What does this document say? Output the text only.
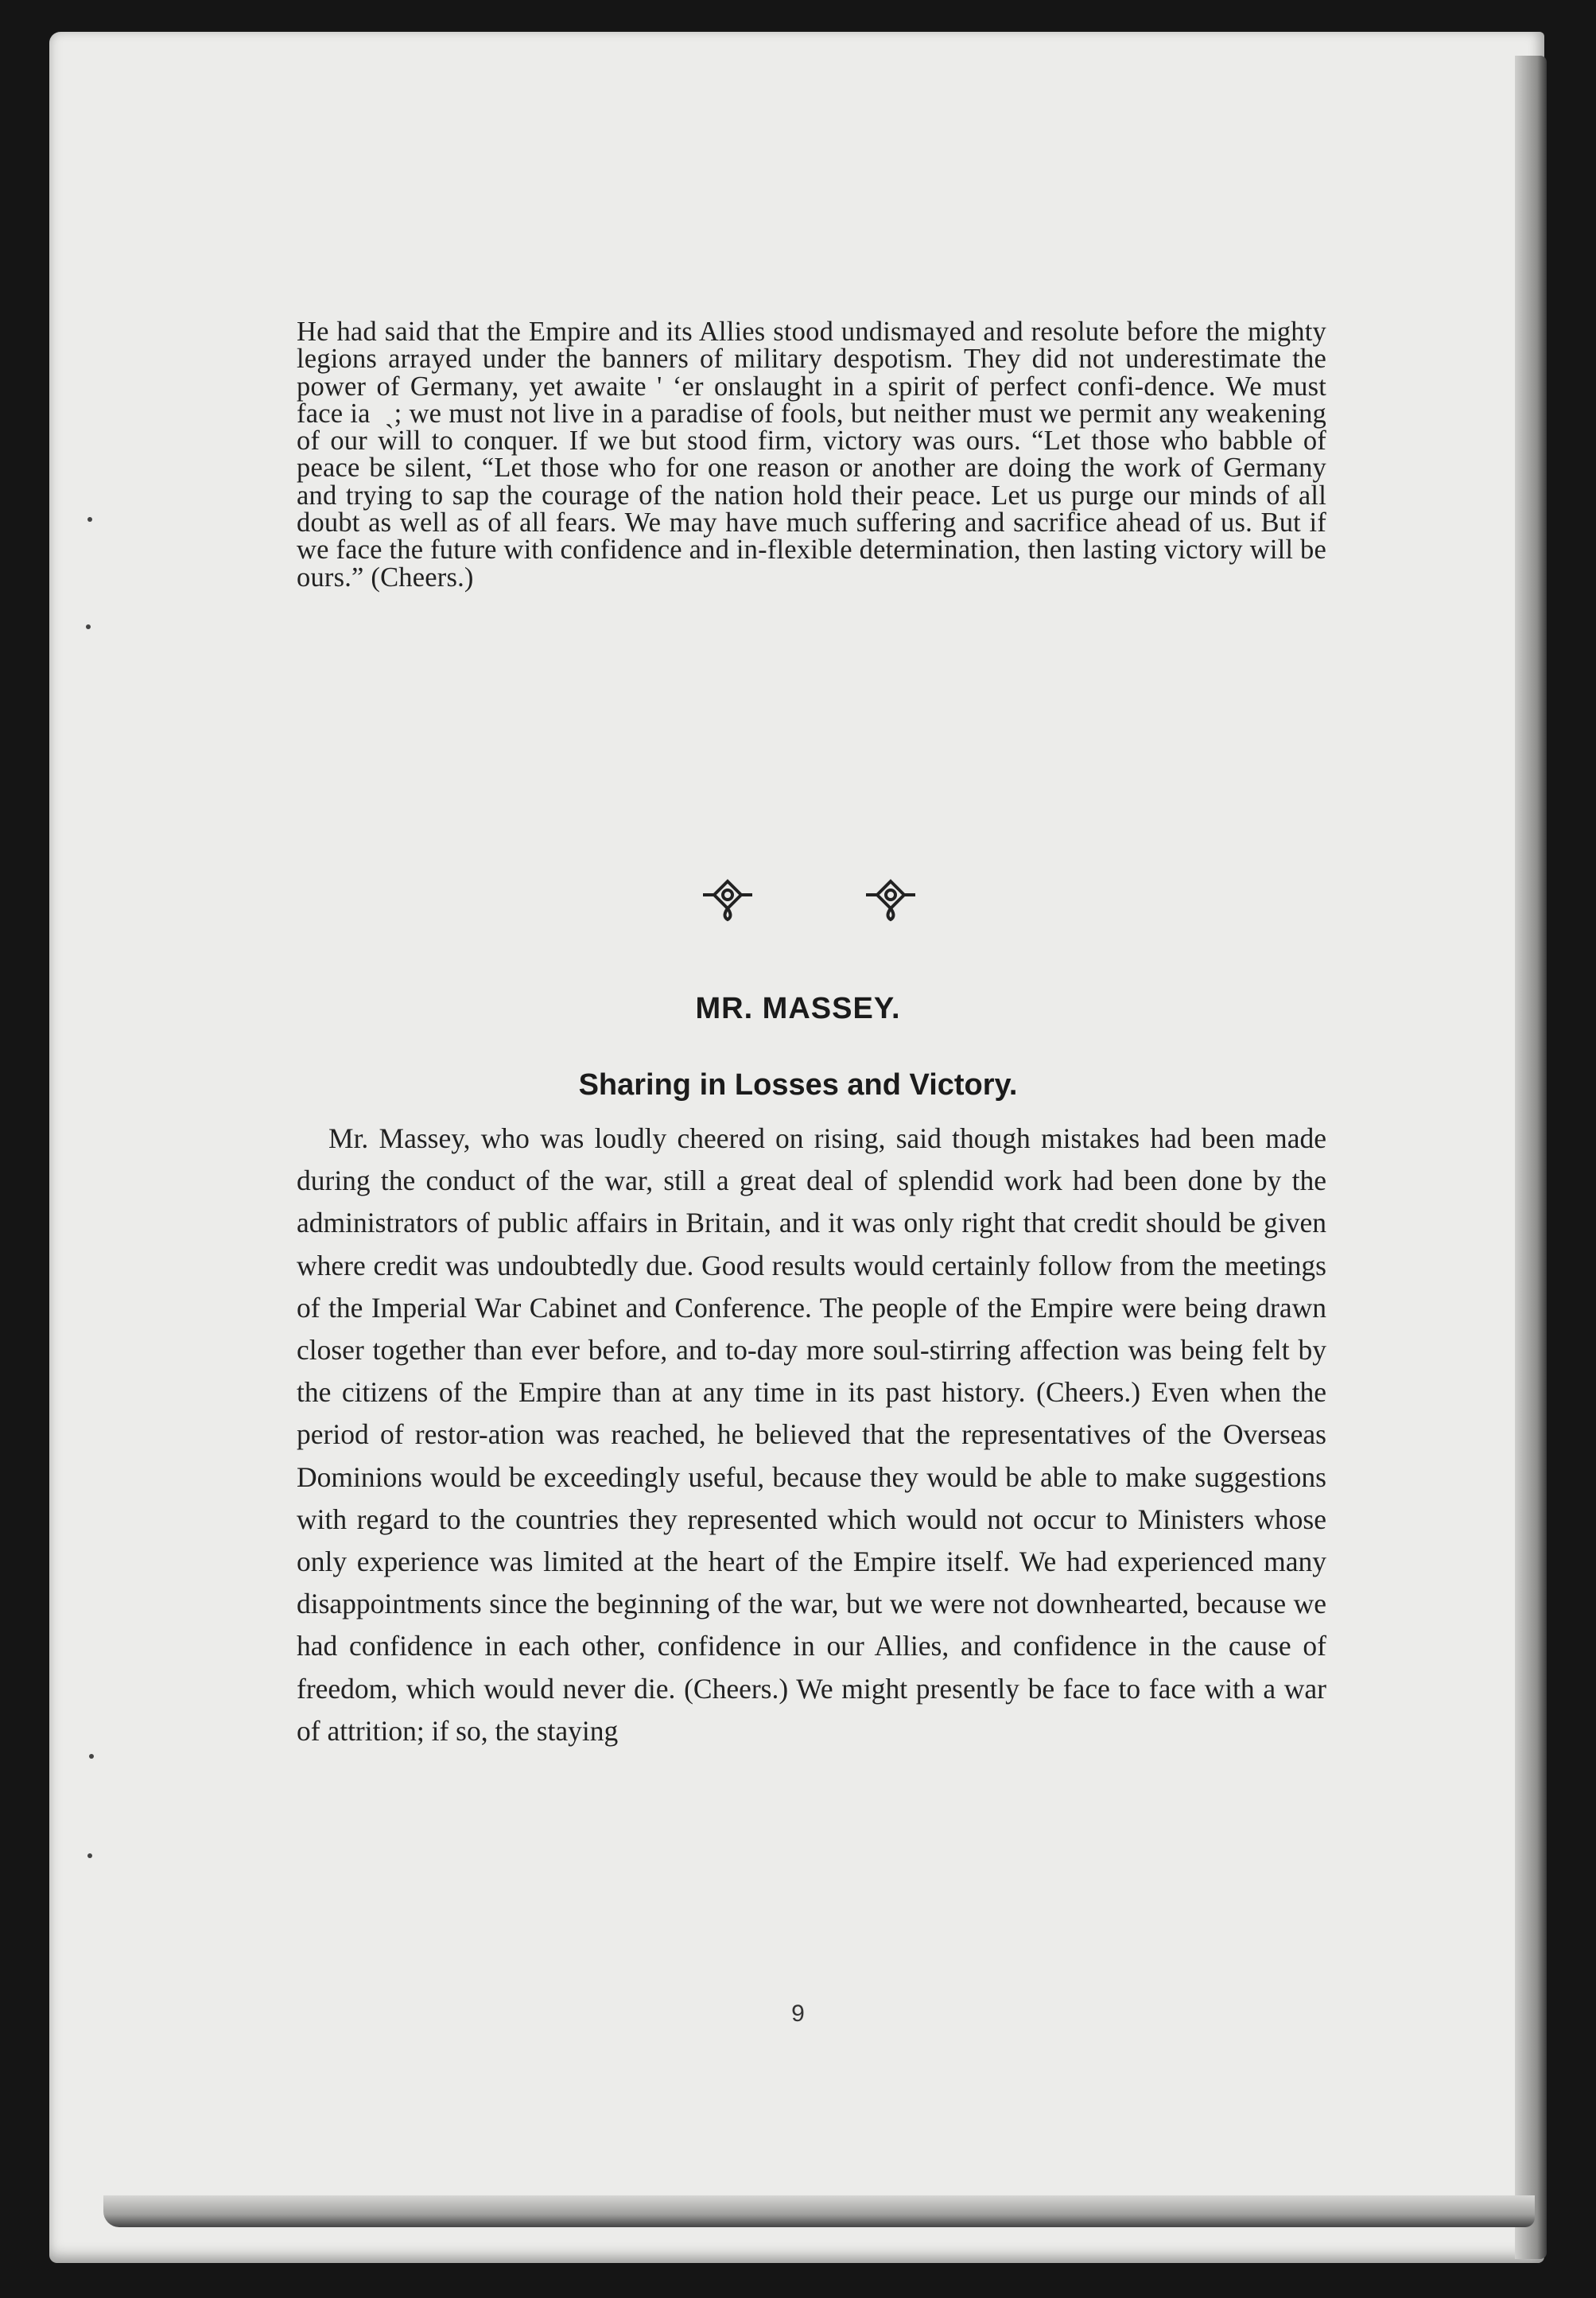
He had said that the Empire and its Allies stood undismayed and resolute before the mighty legions arrayed under the banners of military despotism. They did not underestimate the power of Germany, yet awaite ' ‘er onslaught in a spirit of perfect confi-dence. We must face ia  ˏ; we must not live in a paradise of fools, but neither must we permit any weakening of our will to conquer. If we but stood firm, victory was ours. “Let those who babble of peace be silent, “Let those who for one reason or another are doing the work of Germany and trying to sap the courage of the nation hold their peace. Let us purge our minds of all doubt as well as of all fears. We may have much suffering and sacrifice ahead of us. But if we face the future with confidence and in-flexible determination, then lasting victory will be ours.” (Cheers.)

MR. MASSEY.
Sharing in Losses and Victory.

Mr. Massey, who was loudly cheered on rising, said though mistakes had been made during the conduct of the war, still a great deal of splendid work had been done by the administrators of public affairs in Britain, and it was only right that credit should be given where credit was undoubtedly due. Good results would certainly follow from the meetings of the Imperial War Cabinet and Conference. The people of the Empire were being drawn closer together than ever before, and to-day more soul-stirring affection was being felt by the citizens of the Empire than at any time in its past history. (Cheers.) Even when the period of restor-ation was reached, he believed that the representatives of the Overseas Dominions would be exceedingly useful, because they would be able to make suggestions with regard to the countries they represented which would not occur to Ministers whose only experience was limited at the heart of the Empire itself. We had experienced many disappointments since the beginning of the war, but we were not downhearted, because we had confidence in each other, confidence in our Allies, and confidence in the cause of freedom, which would never die. (Cheers.) We might presently be face to face with a war of attrition; if so, the staying

9
